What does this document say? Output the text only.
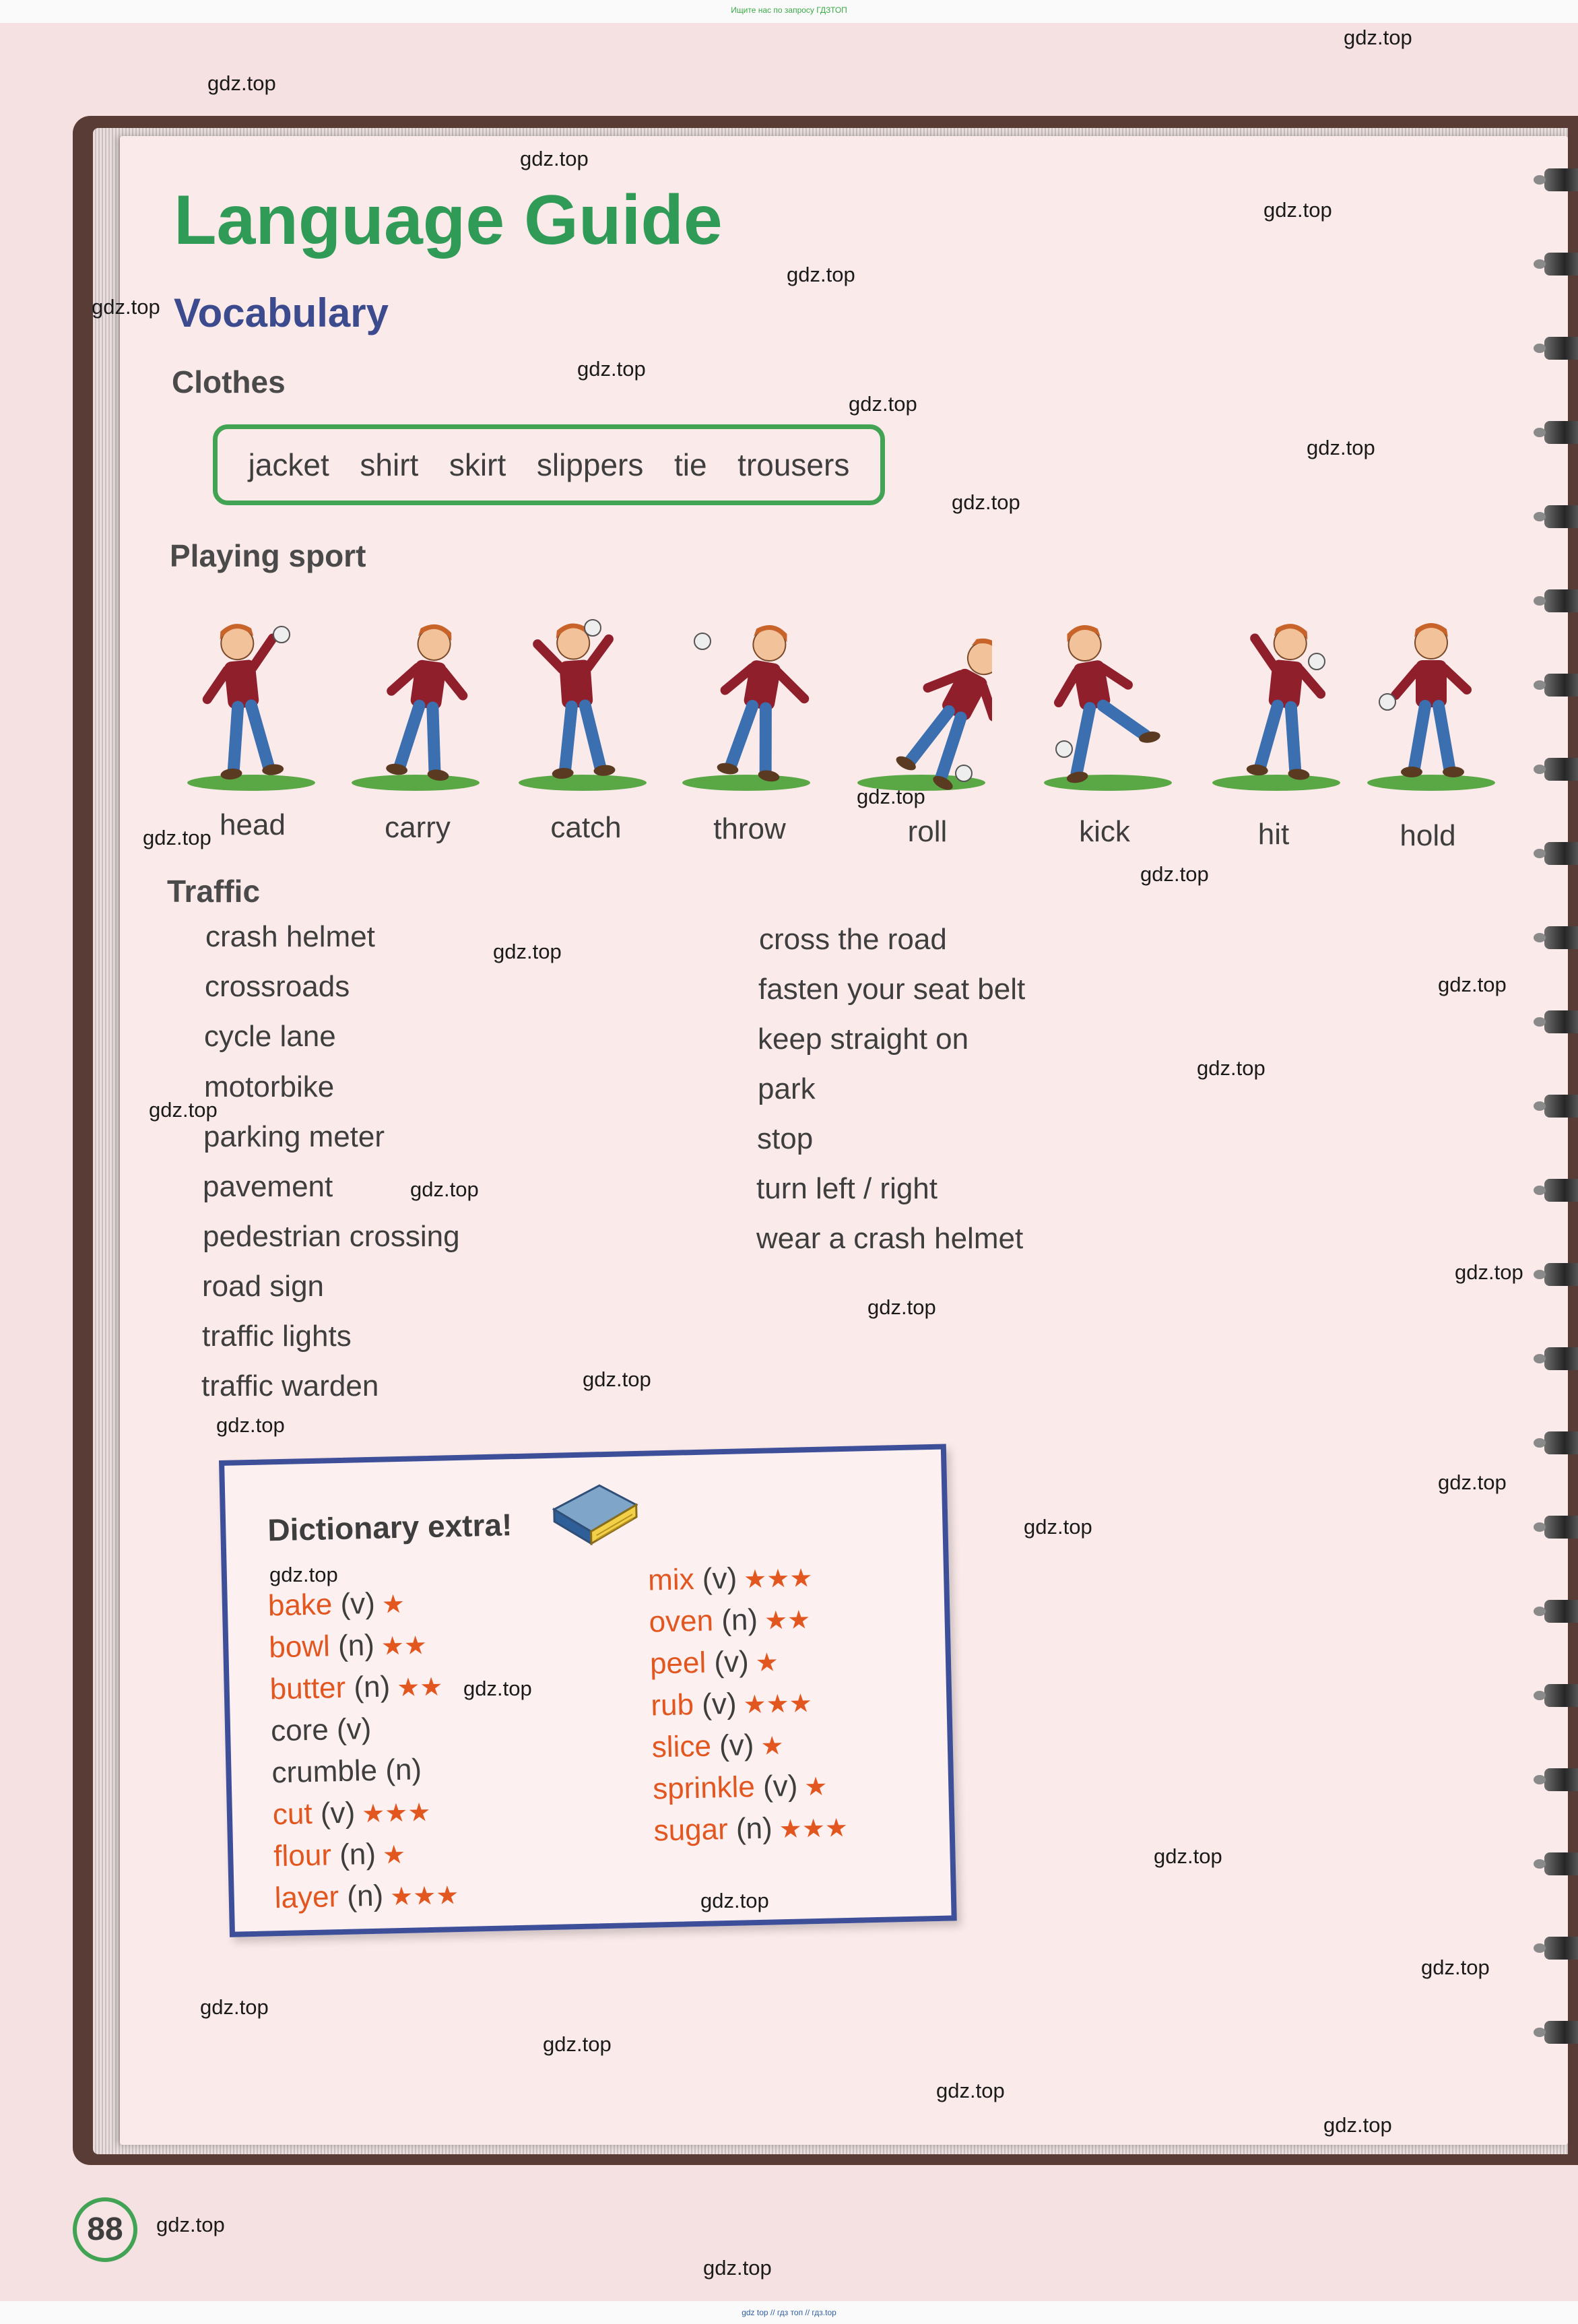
Ищите нас по запросу ГДЗТОП
Language Guide
Vocabulary
Clothes
jacket shirt skirt slippers tie trousers
Playing sport
head	carry	catch	throw	roll	kick	hit	hold
Traffic
crash helmet
crossroads
cycle lane
motorbike
parking meter
pavement
pedestrian crossing
road sign
traffic lights
traffic warden
cross the road
fasten your seat belt
keep straight on
park
stop
turn left / right
wear a crash helmet
Dictionary extra!
bake (v) ★
bowl (n) ★★
butter (n) ★★
core (v)
crumble (n)
cut (v) ★★★
flour (n) ★
layer (n) ★★★
mix (v) ★★★
oven (n) ★★
peel (v) ★
rub (v) ★★★
slice (v) ★
sprinkle (v) ★
sugar (n) ★★★
88
gdz.top
gdz.top
gdz.top
gdz.top
gdz.top
gdz.top
gdz.top
gdz.top
gdz.top
gdz.top
gdz.top
gdz.top
gdz.top
gdz.top
gdz.top
gdz.top
gdz.top
gdz.top
gdz.top
gdz.top
gdz.top
gdz.top
gdz.top
gdz.top
gdz.top
gdz.top
gdz.top
gdz.top
gdz.top
gdz.top
gdz.top
gdz.top
gdz.top
gdz.top
gdz.top
gdz top // гдз топ // гдз.top
